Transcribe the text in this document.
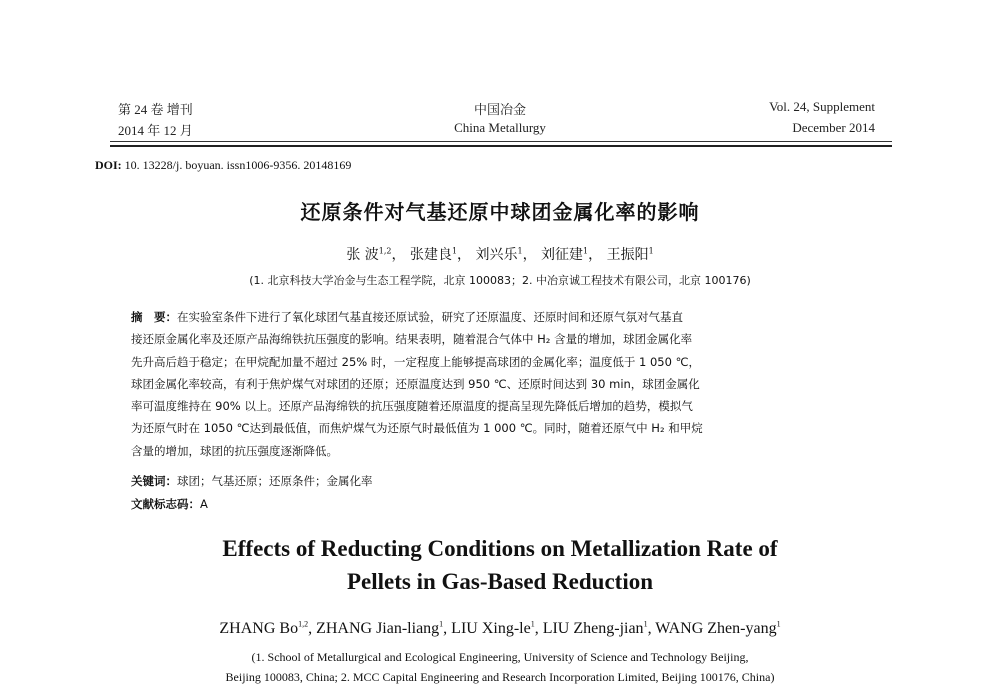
第 24 卷 增刊
2014 年 12 月
中国冶金
China Metallurgy
Vol. 24, Supplement
December 2014
DOI: 10. 13228/j. boyuan. issn1006-9356. 20148169
还原条件对气基还原中球团金属化率的影响
张 波$^{1,2}$， 张建良$^1$， 刘兴乐$^1$， 刘征建$^1$， 王振阳$^1$
(1. 北京科技大学冶金与生态工程学院，北京 100083；2. 中冶京诚工程技术有限公司，北京 100176)
摘　要：在实验室条件下进行了氧化球团气基直接还原试验，研究了还原温度、还原时间和还原气氛对气基直
接还原金属化率及还原产品海绵铁抗压强度的影响。结果表明，随着混合气体中 H₂ 含量的增加，球团金属化率
先升高后趋于稳定；在甲烷配加量不超过 25% 时，一定程度上能够提高球团的金属化率；温度低于 1 050 ℃，
球团金属化率较高，有利于焦炉煤气对球团的还原；还原温度达到 950 ℃、还原时间达到 30 min，球团金属化
率可温度维持在 90% 以上。还原产品海绵铁的抗压强度随着还原温度的提高呈现先降低后增加的趋势，模拟气
为还原气时在 1050 ℃达到最低值，而焦炉煤气为还原气时最低值为 1 000 ℃。同时，随着还原气中 H₂ 和甲烷
含量的增加，球团的抗压强度逐渐降低。
关键词：球团；气基还原；还原条件；金属化率
文献标志码：A
Effects of Reducting Conditions on Metallization Rate of
Pellets in Gas-Based Reduction
ZHANG Bo$^{1,2}$, ZHANG Jian-liang$^1$, LIU Xing-$le^1$, LIU Zheng-jian$^1$, WANG Zhen-yang$^1$
(1. School of Metallurgical and Ecological Engineering, University of Science and Technology Beijing,
Beijing 100083, China; 2. MCC Capital Engineering and Research Incorporation Limited, Beijing 100176, China)
